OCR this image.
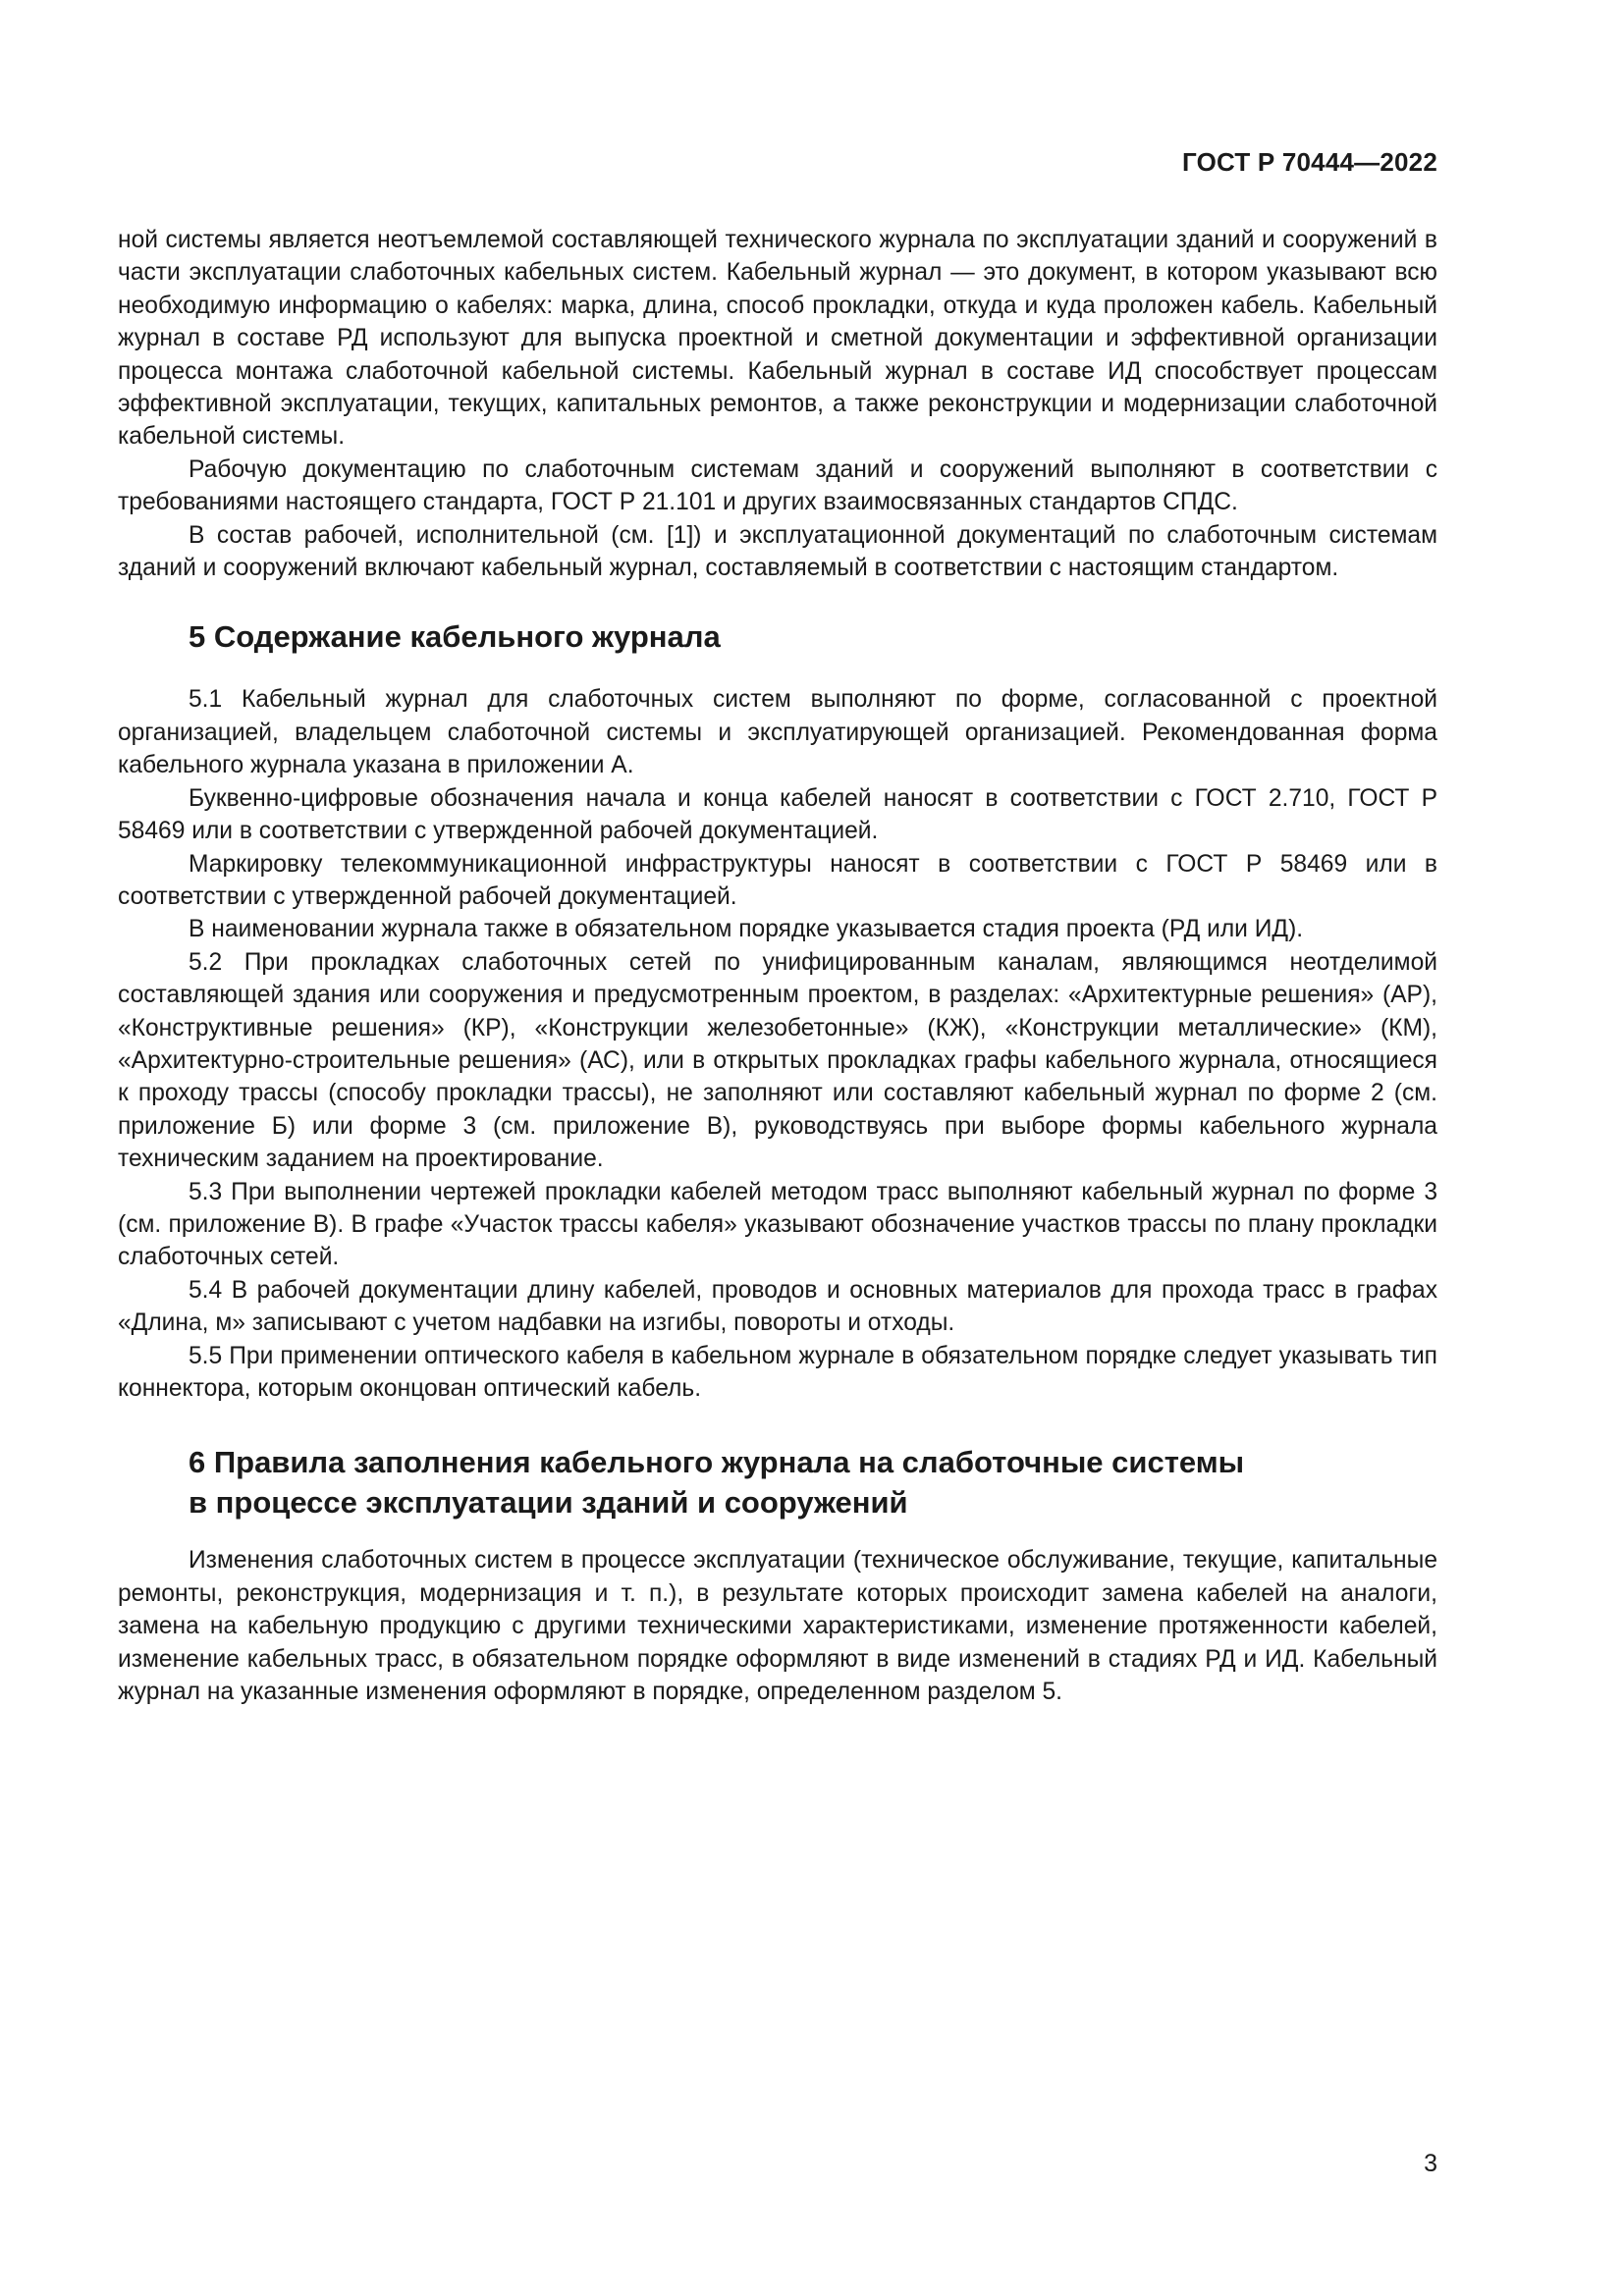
ГОСТ Р 70444—2022

ной системы является неотъемлемой составляющей технического журнала по эксплуатации зданий и сооружений в части эксплуатации слаботочных кабельных систем. Кабельный журнал — это документ, в котором указывают всю необходимую информацию о кабелях: марка, длина, способ прокладки, откуда и куда проложен кабель. Кабельный журнал в составе РД используют для выпуска проектной и сметной документации и эффективной организации процесса монтажа слаботочной кабельной системы. Кабельный журнал в составе ИД способствует процессам эффективной эксплуатации, текущих, капитальных ремонтов, а также реконструкции и модернизации слаботочной кабельной системы.

Рабочую документацию по слаботочным системам зданий и сооружений выполняют в соответствии с требованиями настоящего стандарта, ГОСТ Р 21.101 и других взаимосвязанных стандартов СПДС.

В состав рабочей, исполнительной (см. [1]) и эксплуатационной документаций по слаботочным системам зданий и сооружений включают кабельный журнал, составляемый в соответствии с настоящим стандартом.

5 Содержание кабельного журнала

5.1 Кабельный журнал для слаботочных систем выполняют по форме, согласованной с проектной организацией, владельцем слаботочной системы и эксплуатирующей организацией. Рекомендованная форма кабельного журнала указана в приложении А.

Буквенно-цифровые обозначения начала и конца кабелей наносят в соответствии с ГОСТ 2.710, ГОСТ Р 58469 или в соответствии с утвержденной рабочей документацией.

Маркировку телекоммуникационной инфраструктуры наносят в соответствии с ГОСТ Р 58469 или в соответствии с утвержденной рабочей документацией.

В наименовании журнала также в обязательном порядке указывается стадия проекта (РД или ИД).

5.2 При прокладках слаботочных сетей по унифицированным каналам, являющимся неотделимой составляющей здания или сооружения и предусмотренным проектом, в разделах: «Архитектурные решения» (АР), «Конструктивные решения» (КР), «Конструкции железобетонные» (КЖ), «Конструкции металлические» (КМ), «Архитектурно-строительные решения» (АС), или в открытых прокладках графы кабельного журнала, относящиеся к проходу трассы (способу прокладки трассы), не заполняют или составляют кабельный журнал по форме 2 (см. приложение Б) или форме 3 (см. приложение В), руководствуясь при выборе формы кабельного журнала техническим заданием на проектирование.

5.3 При выполнении чертежей прокладки кабелей методом трасс выполняют кабельный журнал по форме 3 (см. приложение В). В графе «Участок трассы кабеля» указывают обозначение участков трассы по плану прокладки слаботочных сетей.

5.4 В рабочей документации длину кабелей, проводов и основных материалов для прохода трасс в графах «Длина, м» записывают с учетом надбавки на изгибы, повороты и отходы.

5.5 При применении оптического кабеля в кабельном журнале в обязательном порядке следует указывать тип коннектора, которым оконцован оптический кабель.

6 Правила заполнения кабельного журнала на слаботочные системы
в процессе эксплуатации зданий и сооружений

Изменения слаботочных систем в процессе эксплуатации (техническое обслуживание, текущие, капитальные ремонты, реконструкция, модернизация и т. п.), в результате которых происходит замена кабелей на аналоги, замена на кабельную продукцию с другими техническими характеристиками, изменение протяженности кабелей, изменение кабельных трасс, в обязательном порядке оформляют в виде изменений в стадиях РД и ИД. Кабельный журнал на указанные изменения оформляют в порядке, определенном разделом 5.

3
